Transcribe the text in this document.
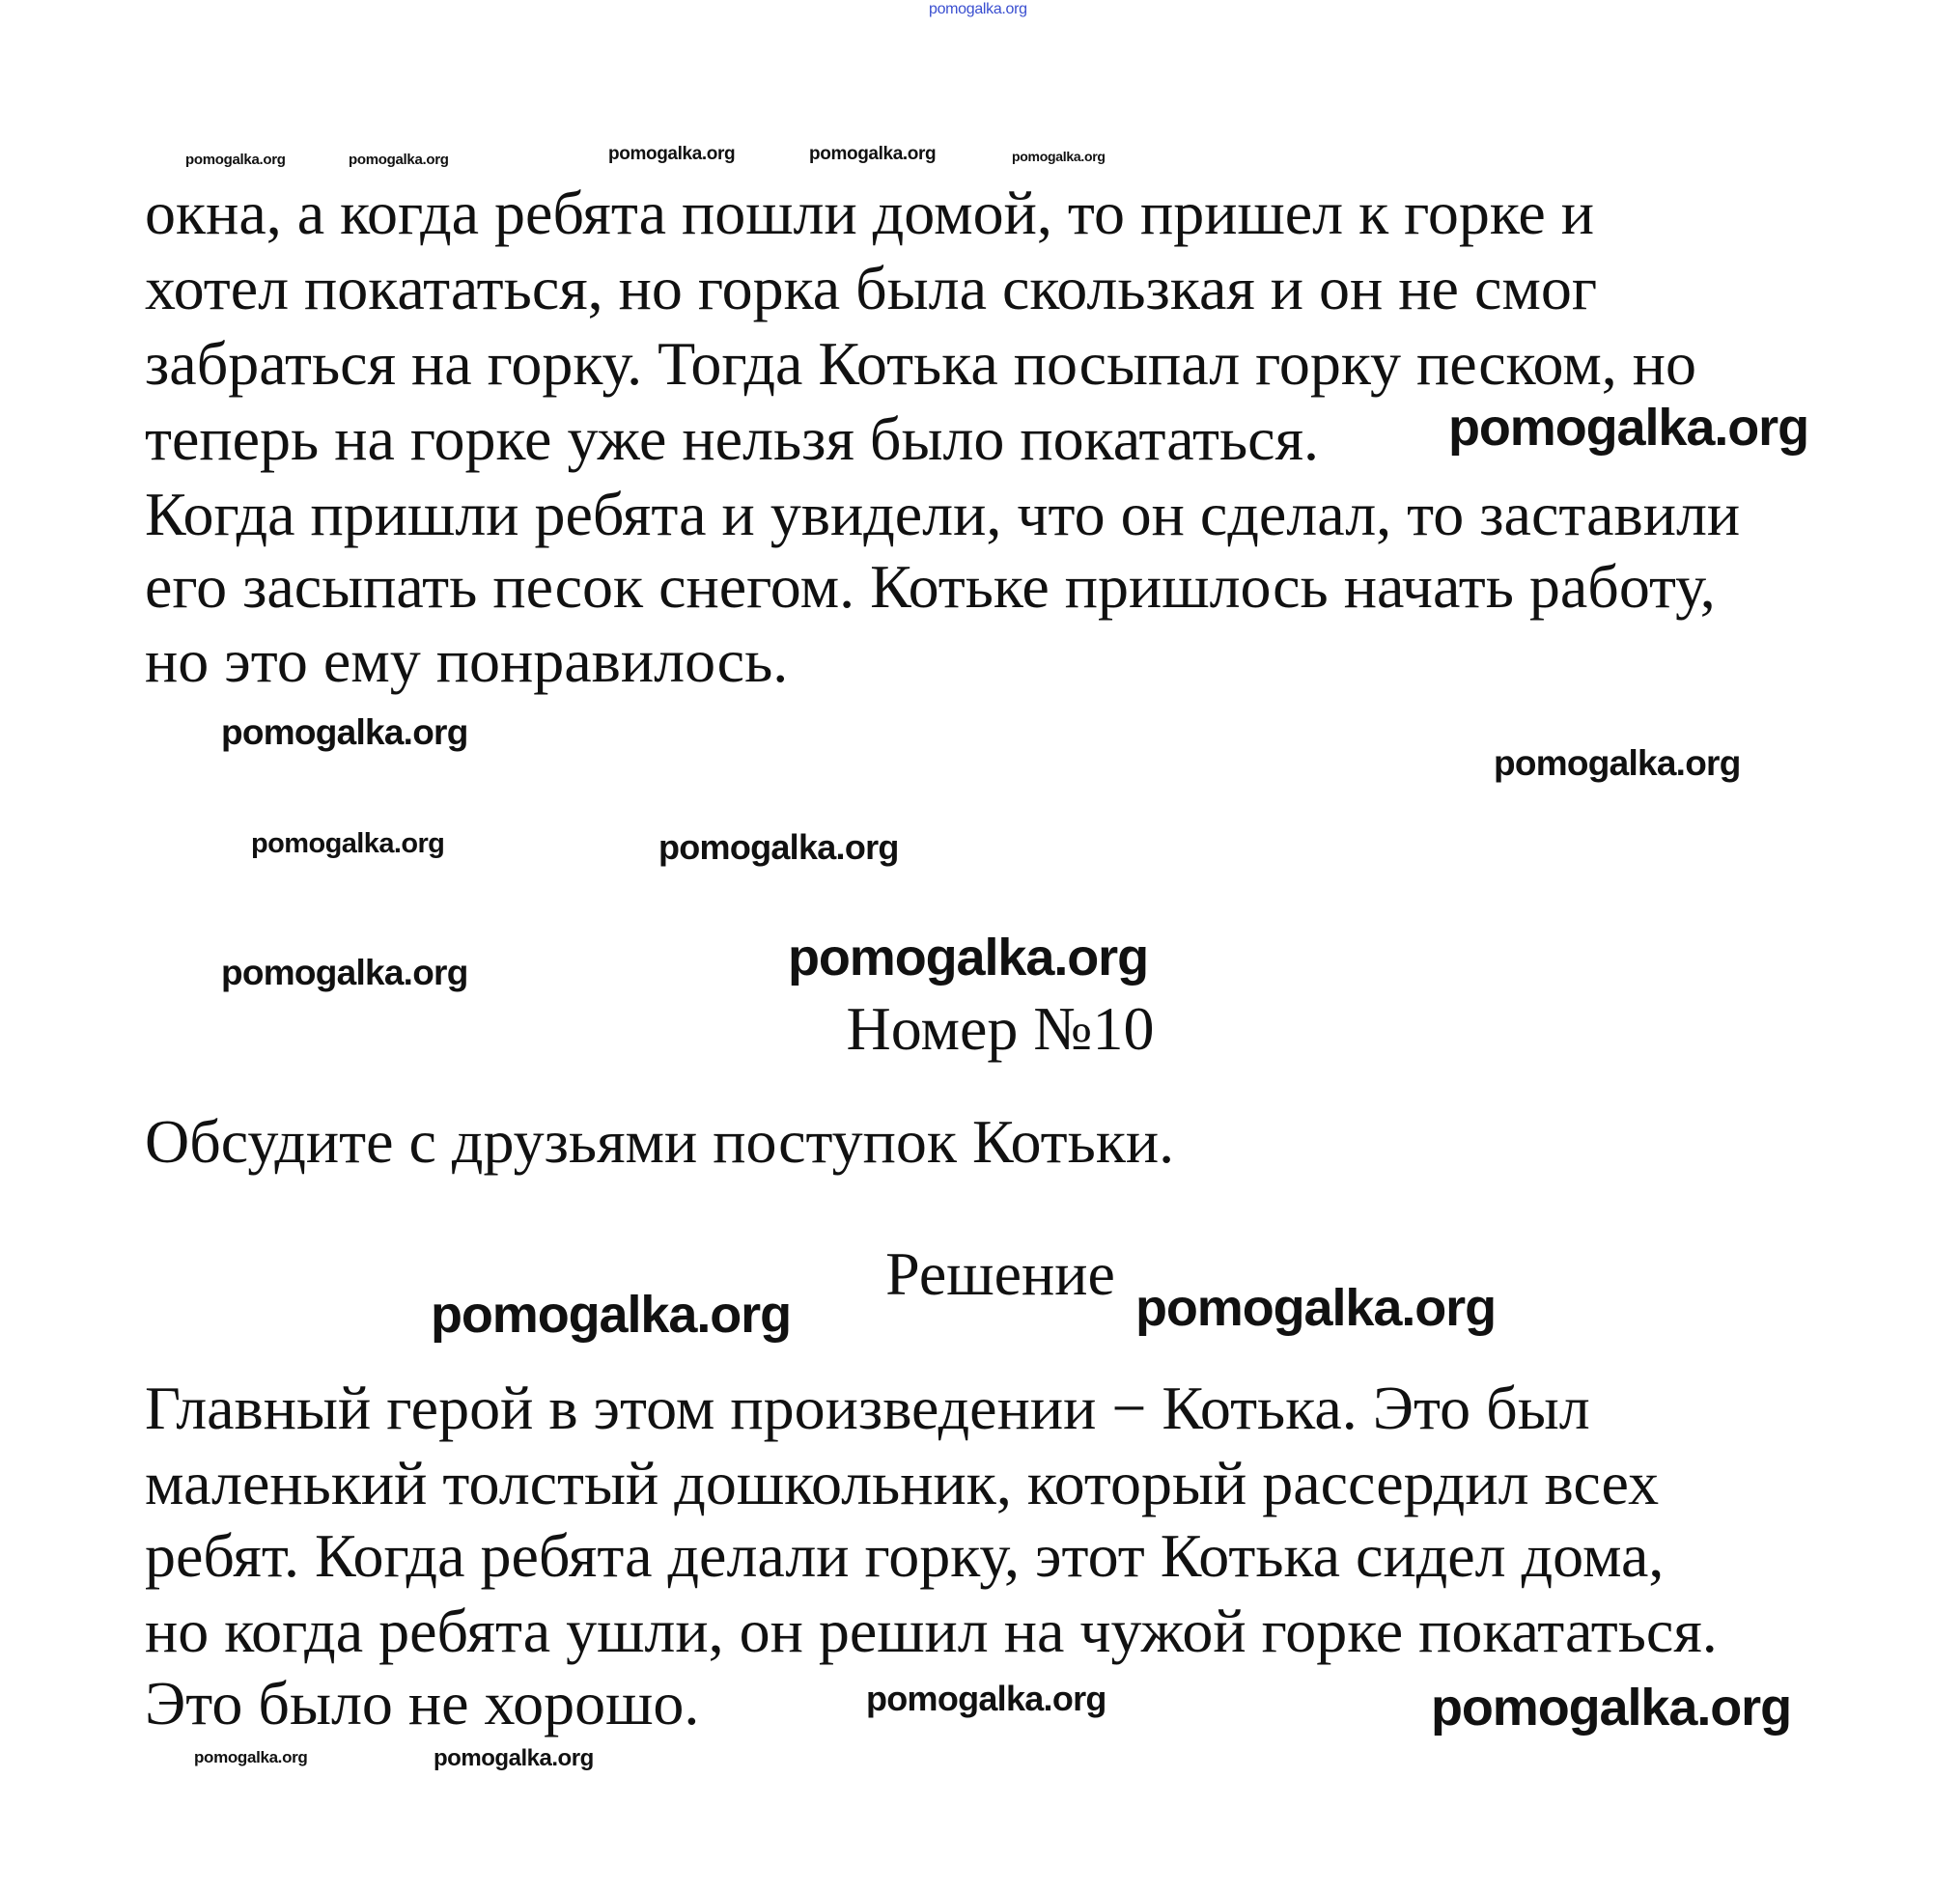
pomogalka.org
окна, а когда ребята пошли домой, то пришел к горке и
хотел покататься, но горка была скользкая и он не смог
забраться на горку. Тогда Котька посыпал горку песком, но
теперь на горке уже нельзя было покататься.
Когда пришли ребята и увидели, что он сделал, то заставили
его засыпать песок снегом. Котьке пришлось начать работу,
но это ему понравилось.
Номер №10
Обсудите с друзьями поступок Котьки.
Решение
Главный герой в этом произведении − Котька. Это был
маленький толстый дошкольник, который рассердил всех
ребят. Когда ребята делали горку, этот Котька сидел дома,
но когда ребята ушли, он решил на чужой горке покататься.
Это было не хорошо.
pomogalka.org	pomogalka.org	pomogalka.org	pomogalka.org	pomogalka.org
pomogalka.org
pomogalka.org
pomogalka.org
pomogalka.org
pomogalka.org
pomogalka.org	pomogalka.org
pomogalka.org	pomogalka.org
pomogalka.org	pomogalka.org
pomogalka.org	pomogalka.org
